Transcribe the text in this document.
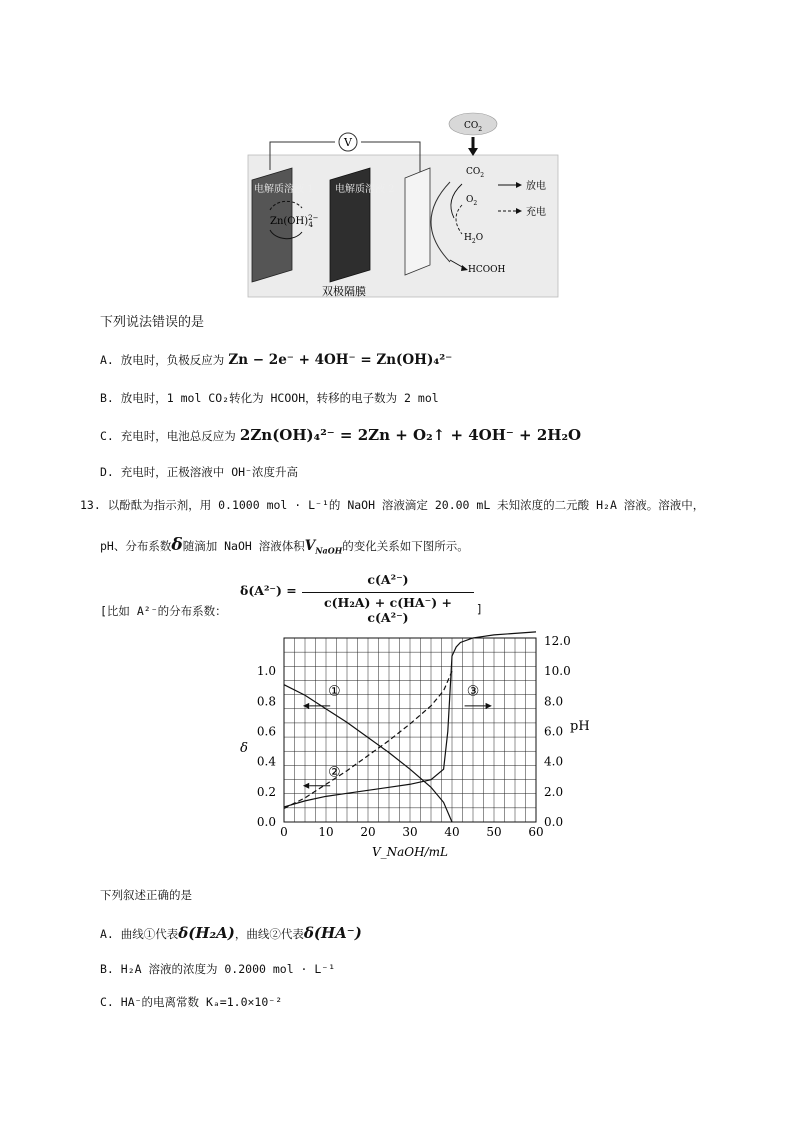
V
电解质溶液 1 电解质溶液 2
Zn(OH)$^{2-}$ 4
$CO_2$
$CO_2$
$O_2$
$H_2O$
HCOOH
放电
充电
双极隔膜
下列说法错误的是
A. 放电时，负极反应为 Zn − 2e⁻ + 4OH⁻ = Zn(OH)₄²⁻
B. 放电时，1 mol CO₂转化为 HCOOH，转移的电子数为 2 mol
C. 充电时，电池总反应为 2Zn(OH)₄²⁻ = 2Zn + O₂↑ + 4OH⁻ + 2H₂O
D. 充电时，正极溶液中 OH⁻浓度升高
13. 以酚酞为指示剂，用 0.1000 mol · L⁻¹的 NaOH 溶液滴定 20.00 mL 未知浓度的二元酸 H₂A 溶液。溶液中，
pH、分布系数δ随滴加 NaOH 溶液体积$V_{NaOH}$的变化关系如下图所示。
δ(A²⁻) =
c(A²⁻)
c(H₂A) + c(HA⁻) + c(A²⁻)
[比如 A²⁻的分布系数：	]
0	10 20 30 40 50 60
0.0
0.2
0.4
0.6
0.8
1.0
0.0
2.0
4.0
6.0
8.0
10.0
12.0
δ
pH
V_NaOH/mL
①
②
③
下列叙述正确的是
A. 曲线①代表δ(H₂A)，曲线②代表δ(HA⁻)
B. H₂A 溶液的浓度为 0.2000 mol · L⁻¹
C. HA⁻的电离常数 Kₐ=1.0×10⁻²
